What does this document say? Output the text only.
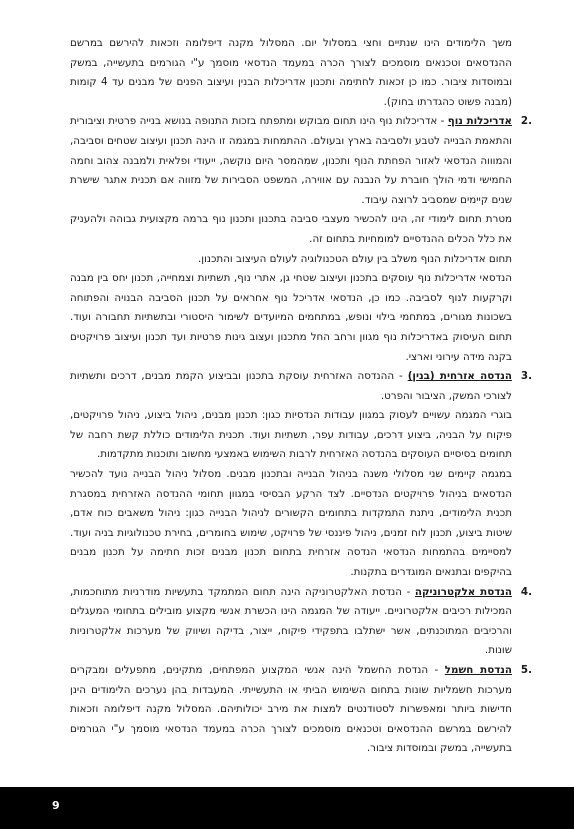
משך הלימודים הינו שנתיים וחצי במסלול יום. המסלול מקנה דיפלומה וזכאות להירשם במרשם ההנדסאים וטכנאים מוסמכים לצורך הכרה במעמד הנדסאי מוסמך ע"י הגורמים בתעשייה, במשק ובמוסדות ציבור. כמו כן זכאות לחתימה ותכנון אדריכלות הבנין ועיצוב הפנים של מבנים עד 4 קומות (מבנה פשוט כהגדרתו בחוק).

.2

אדריכלות נוף - אדריכלות נוף הינו תחום מבוקש ומתפתח בזכות התנופה בנושא בנייה פרטית וציבורית והתאמת הבנייה לטבע ולסביבה בארץ ובעולם. ההתמחות במגמה זו הינה תכנון ועיצוב שטחים וסביבה, והמוווה הנדסאי לאזור הפחתת הנוף ותכנון, שמהמסר היום נוקשה, ייעודי ופלאית ולמבנה צהוב וחמה החמישי ודמי הולך חוברת על הנבנה עם אווירה, המשפט הסבירות של מזווה אם תכנית אתגר שישרת שנים קיימים שמסביב לרוצה עיבוד.

מטרת תחום לימודי זה, הינו להכשיר מעצבי סביבה בתכנון ותכנון נוף ברמה מקצועית גבוהה ולהעניק את כלל הכלים ההנדסיים למומחיות בתחום זה.

תחום אדריכלות הנוף משלב בין עולם הטכנולוגיה לעולם העיצוב והתכנון.

הנדסאי אדריכלות נוף עוסקים בתכנון ועיצוב שטחי גן, אתרי נוף, תשתיות וצמחייה, תכנון יחס בין מבנה וקרקעות לנוף לסביבה. כמו כן, הנדסאי אדריכל נוף אחראים על תכנון הסביבה הבנויה והפתוחה בשכונות מגורים, במתחמי בילוי ונופש, במתחמים המיועדים לשימור היסטורי ובתשתיות תחבורה ועוד. תחום העיסוק באדריכלות נוף מגוון ורחב החל מתכנון ועצוב גינות פרטיות ועד תכנון ועיצוב פרויקטים בקנה מידה עירוני וארצי.

.3

הנדסה אזרחית (בנין) - ההנדסה האזרחית עוסקת בתכנון ובביצוע הקמת מבנים, דרכים ותשתיות לצורכי המשק, הציבור והפרט.

בוגרי המגמה עשויים לעסוק במגוון עבודות הנדסיות כגון: תכנון מבנים, ניהול ביצוע, ניהול פרויקטים, פיקוח על הבניה, ביצוע דרכים, עבודות עפר, תשתיות ועוד. תכנית הלימודים כוללת קשת רחבה של תחומים בסיסיים העוסקים בהנדסה האזרחית לרבות השימוש באמצעי מחשוב ותוכנות מתקדמות.

במגמה קיימים שני מסלולי משנה בניהול הבנייה ובתכנון מבנים. מסלול ניהול הבנייה נועד להכשיר הנדסאים בניהול פרויקטים הנדסיים. לצד הרקע הבסיסי במגוון תחומי ההנדסה האזרחית במסגרת תכנית הלימודים, ניתנת התמקדות בתחומים הקשורים לניהול הבנייה כגון: ניהול משאבים כוח אדם, שיטות ביצוע, תכנון לוח זמנים, ניהול פיננסי של פרויקט, שימוש בחומרים, בחירת טכנולוגיות בניה ועוד. למסיימים בהתמחות הנדסאי הנדסה אזרחית בתחום תכנון מבנים זכות חתימה על תכנון מבנים בהיקפים ובתנאים המוגדרים בתקנות.

.4

הנדסת אלקטרוניקה - הנדסת האלקטרוניקה הינה תחום המתמקד בתעשיות מודרניות מתוחכמות, המכילות רכיבים אלקטרוניים. ייעודה של המגמה הינו הכשרת אנשי מקצוע מובילים בתחומי המעגלים והרכיבים המתוכנתים, אשר ישתלבו בתפקידי פיקוח, ייצור, בדיקה ושיווק של מערכות אלקטרוניות שונות.

.5

הנדסת חשמל - הנדסת החשמל הינה אנשי המקצוע המפתחים, מתקינים, מתפעלים ומבקרים מערכות חשמליות שונות בתחום השימוש הביתי או התעשייתי. המעבדות בהן נערכים הלימודים הינן חדישות ביותר ומאפשרות לסטודנטים למצות את מירב יכולותיהם. המסלול מקנה דיפלומה וזכאות להירשם במרשם ההנדסאים וטכנאים מוסמכים לצורך הכרה במעמד הנדסאי מוסמך ע"י הגורמים בתעשייה, במשק ובמוסדות ציבור.

9
